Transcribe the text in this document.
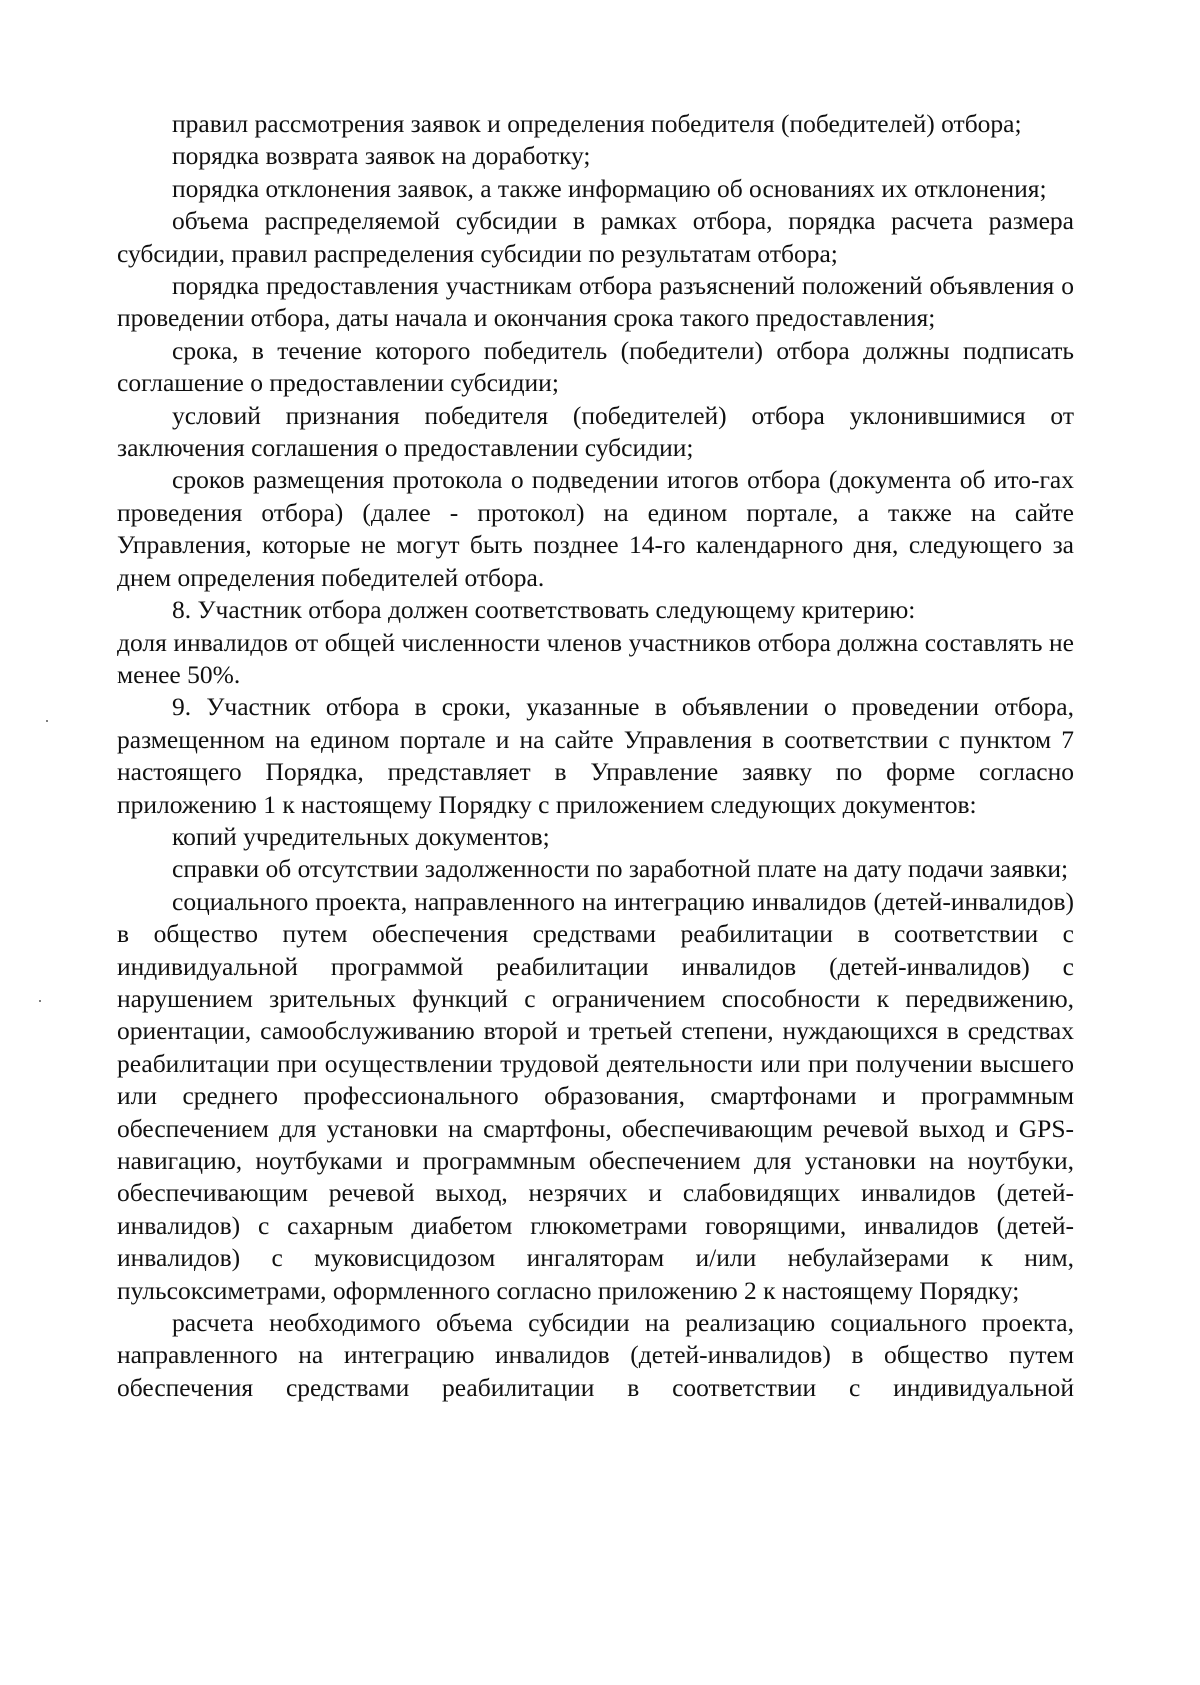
правил рассмотрения заявок и определения победителя (победителей) отбора;

порядка возврата заявок на доработку;

порядка отклонения заявок, а также информацию об основаниях их отклонения;

объема распределяемой субсидии в рамках отбора, порядка расчета размера субсидии, правил распределения субсидии по результатам отбора;

порядка предоставления участникам отбора разъяснений положений объявления о проведении отбора, даты начала и окончания срока такого предоставления;

срока, в течение которого победитель (победители) отбора должны подписать соглашение о предоставлении субсидии;

условий признания победителя (победителей) отбора уклонившимися от заключения соглашения о предоставлении субсидии;

сроков размещения протокола о подведении итогов отбора (документа об ито-гах проведения отбора) (далее - протокол) на едином портале, а также на сайте Управления, которые не могут быть позднее 14-го календарного дня, следующего за днем определения победителей отбора.

8. Участник отбора должен соответствовать следующему критерию:

доля инвалидов от общей численности членов участников отбора должна составлять не менее 50%.

9. Участник отбора в сроки, указанные в объявлении о проведении отбора, размещенном на едином портале и на сайте Управления в соответствии с пунктом 7 настоящего Порядка, представляет в Управление заявку по форме согласно приложению 1 к настоящему Порядку с приложением следующих документов:

копий учредительных документов;

справки об отсутствии задолженности по заработной плате на дату подачи заявки;

социального проекта, направленного на интеграцию инвалидов (детей-инвалидов) в общество путем обеспечения средствами реабилитации в соответствии с индивидуальной программой реабилитации инвалидов (детей-инвалидов) с нарушением зрительных функций с ограничением способности к передвижению, ориентации, самообслуживанию второй и третьей степени, нуждающихся в средствах реабилитации при осуществлении трудовой деятельности или при получении высшего или среднего профессионального образования, смартфонами и программным обеспечением для установки на смартфоны, обеспечивающим речевой выход и GPS-навигацию, ноутбуками и программным обеспечением для установки на ноутбуки, обеспечивающим речевой выход, незрячих и слабовидящих инвалидов (детей-инвалидов) с сахарным диабетом глюкометрами говорящими, инвалидов (детей-инвалидов) с муковисцидозом ингаляторам и/или небулайзерами к ним, пульсоксиметрами, оформленного согласно приложению 2 к настоящему Порядку;

расчета необходимого объема субсидии на реализацию социального проекта, направленного на интеграцию инвалидов (детей-инвалидов) в общество путем обеспечения средствами реабилитации в соответствии с индивидуальной
